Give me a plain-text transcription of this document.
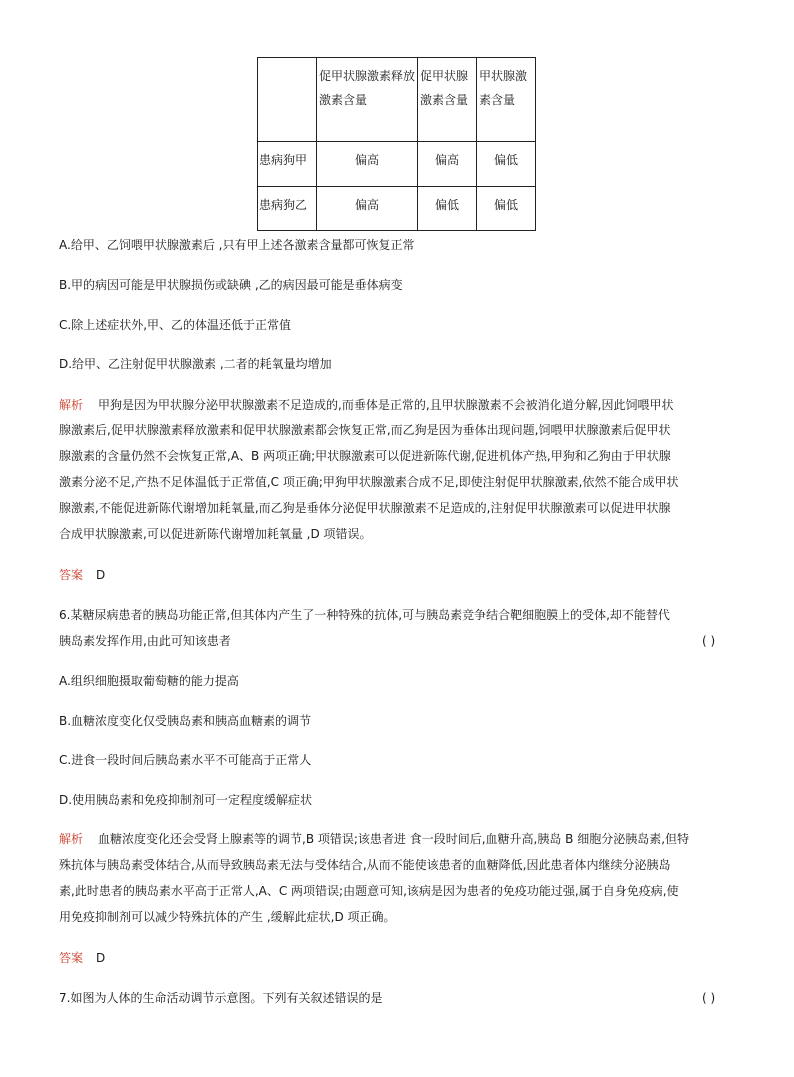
	促甲状腺激素释放激素含量	促甲状腺激素含量	甲状腺激素含量

患病狗甲	偏高	偏高	偏低

患病狗乙	偏高	偏低	偏低
A.给甲、乙饲喂甲状腺激素后 ,只有甲上述各激素含量都可恢复正常
B.甲的病因可能是甲状腺损伤或缺碘 ,乙的病因最可能是垂体病变
C.除上述症状外,甲、乙的体温还低于正常值
D.给甲、乙注射促甲状腺激素 ,二者的耗氧量均增加
解析 甲狗是因为甲状腺分泌甲状腺激素不足造成的,而垂体是正常的,且甲状腺激素不会被消化道分解,因此饲喂甲状
腺激素后,促甲状腺激素释放激素和促甲状腺激素都会恢复正常,而乙狗是因为垂体出现问题,饲喂甲状腺激素后促甲状
腺激素的含量仍然不会恢复正常,A、B 两项正确;甲状腺激素可以促进新陈代谢,促进机体产热,甲狗和乙狗由于甲状腺
激素分泌不足,产热不足体温低于正常值,C 项正确;甲狗甲状腺激素合成不足,即使注射促甲状腺激素,依然不能合成甲状
腺激素,不能促进新陈代谢增加耗氧量,而乙狗是垂体分泌促甲状腺激素不足造成的,注射促甲状腺激素可以促进甲状腺
合成甲状腺激素,可以促进新陈代谢增加耗氧量 ,D 项错误。
答案 D
6.某糖尿病患者的胰岛功能正常,但其体内产生了一种特殊的抗体,可与胰岛素竞争结合靶细胞膜上的受体,却不能替代
胰岛素发挥作用,由此可知该患者	( )
A.组织细胞摄取葡萄糖的能力提高
B.血糖浓度变化仅受胰岛素和胰高血糖素的调节
C.进食一段时间后胰岛素水平不可能高于正常人
D.使用胰岛素和免疫抑制剂可一定程度缓解症状
解析 血糖浓度变化还会受肾上腺素等的调节,B 项错误;该患者进 食一段时间后,血糖升高,胰岛 B 细胞分泌胰岛素,但特
殊抗体与胰岛素受体结合,从而导致胰岛素无法与受体结合,从而不能使该患者的血糖降低,因此患者体内继续分泌胰岛
素,此时患者的胰岛素水平高于正常人,A、C 两项错误;由题意可知,该病是因为患者的免疫功能过强,属于自身免疫病,使
用免疫抑制剂可以减少特殊抗体的产生 ,缓解此症状,D 项正确。
答案 D
7.如图为人体的生命活动调节示意图。下列有关叙述错误的是	( )
